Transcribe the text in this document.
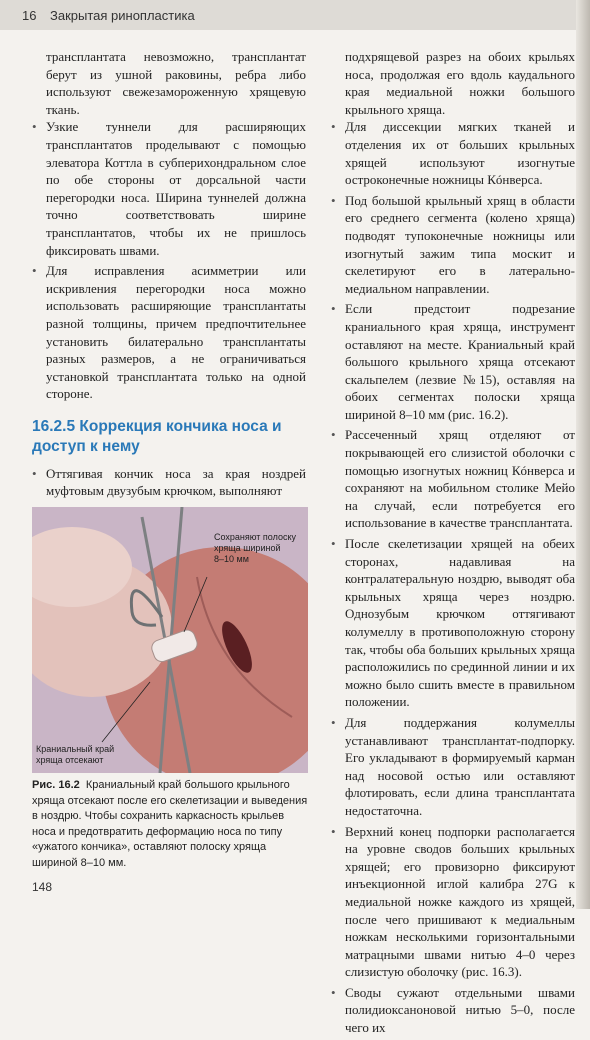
16 Закрытая ринопластика

трансплантата невозможно, трансплантат берут из ушной раковины, ребра либо используют свежезамороженную хрящевую ткань.

• Узкие туннели для расширяющих трансплантатов проделывают с помощью элеватора Коттла в субперихондральном слое по обе стороны от дорсальной части перегородки носа. Ширина туннелей должна точно соответствовать ширине трансплантатов, чтобы их не пришлось фиксировать швами.
• Для исправления асимметрии или искривления перегородки носа можно использовать расширяющие трансплантаты разной толщины, причем предпочтительнее установить билатерально трансплантаты разных размеров, а не ограничиваться установкой трансплантата только на одной стороне.
16.2.5 Коррекция кончика носа и доступ к нему
• Оттягивая кончик носа за края ноздрей муфтовым двузубым крючком, выполняют
Сохраняют полоску
хряща шириной
8–10 мм
Краниальный край
хряща отсекают
Рис. 16.2 Краниальный край большого крыльного хряща отсекают после его скелетизации и выведения в ноздрю. Чтобы сохранить каркасность крыльев носа и предотвратить деформацию носа по типу «ужатого кончика», оставляют полоску хряща шириной 8–10 мм.

подхрящевой разрез на обоих крыльях носа, продолжая его вдоль каудального края медиальной ножки большого крыльного хряща.

• Для диссекции мягких тканей и отделения их от больших крыльных хрящей используют изогнутые остроконечные ножницы Кóнверса.
• Под большой крыльный хрящ в области его среднего сегмента (колено хряща) подводят тупоконечные ножницы или изогнутый зажим типа москит и скелетируют его в латерально-медиальном направлении.
• Если предстоит подрезание краниального края хряща, инструмент оставляют на месте. Краниальный край большого крыльного хряща отсекают скальпелем (лезвие №15), оставляя на обоих сегментах полоски хряща шириной 8–10 мм (рис. 16.2).
• Рассеченный хрящ отделяют от покрывающей его слизистой оболочки с помощью изогнутых ножниц Кóнверса и сохраняют на мобильном столике Мейо на случай, если потребуется его использование в качестве трансплантата.
• После скелетизации хрящей на обеих сторонах, надавливая на контралатеральную ноздрю, выводят оба крыльных хряща через ноздрю. Однозубым крючком оттягивают колумеллу в противоположную сторону так, чтобы оба больших крыльных хряща расположились по срединной линии и их можно было сшить вместе в правильном положении.
• Для поддержания колумеллы устанавливают трансплантат-подпорку. Его укладывают в формируемый карман над носовой остью или оставляют флотировать, если длина трансплантата недостаточна.
• Верхний конец подпорки располагается на уровне сводов больших крыльных хрящей; его провизорно фиксируют инъекционной иглой калибра 27G к медиальной ножке каждого из хрящей, после чего пришивают к медиальным ножкам несколькими горизонтальными матрацными швами нитью 4–0 через слизистую оболочку (рис. 16.3).
• Своды сужают отдельными швами полидиоксаноновой нитью 5–0, после чего их
148
